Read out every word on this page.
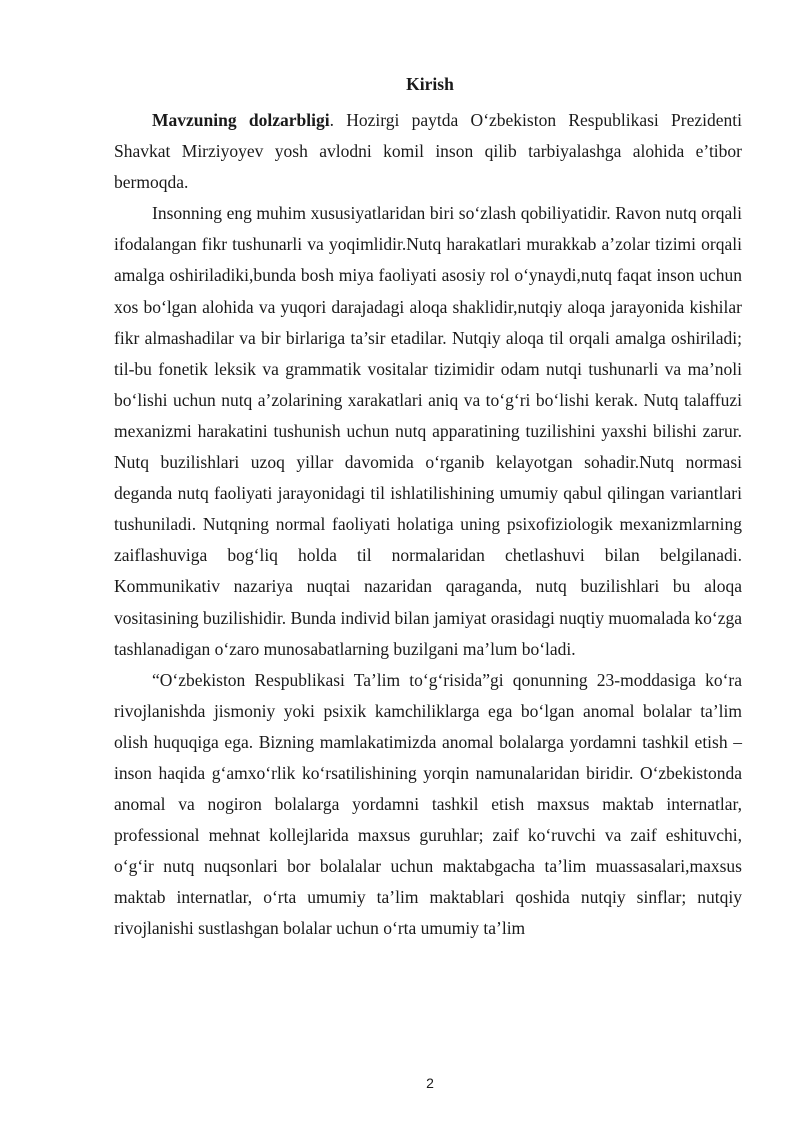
Kirish

Mavzuning dolzarbligi. Hozirgi paytda O‘zbekiston Respublikasi Prezidenti Shavkat Mirziyoyev yosh avlodni komil inson qilib tarbiyalashga alohida e’tibor bermoqda.

Insonning eng muhim xususiyatlaridan biri so‘zlash qobiliyatidir. Ravon nutq orqali ifodalangan fikr tushunarli va yoqimlidir.Nutq harakatlari murakkab a’zolar tizimi orqali amalga oshiriladiki,bunda bosh miya faoliyati asosiy rol o‘ynaydi,nutq faqat inson uchun xos bo‘lgan alohida va yuqori darajadagi aloqa shaklidir,nutqiy aloqa jarayonida kishilar fikr almashadilar va bir birlariga ta’sir etadilar. Nutqiy aloqa til orqali amalga oshiriladi; til-bu fonetik leksik va grammatik vositalar tizimidir odam nutqi tushunarli va ma’noli bo‘lishi uchun nutq a’zolarining xarakatlari aniq va to‘g‘ri bo‘lishi kerak. Nutq talaffuzi mexanizmi harakatini tushunish uchun nutq apparatining tuzilishini yaxshi bilishi zarur. Nutq buzilishlari uzoq yillar davomida o‘rganib kelayotgan sohadir.Nutq normasi deganda nutq faoliyati jarayonidagi til ishlatilishining umumiy qabul qilingan variantlari tushuniladi. Nutqning normal faoliyati holatiga uning psixofiziologik mexanizmlarning zaiflashuviga bog‘liq holda til normalaridan chetlashuvi bilan belgilanadi. Kommunikativ nazariya nuqtai nazaridan qaraganda, nutq buzilishlari bu aloqa vositasining buzilishidir. Bunda individ bilan jamiyat orasidagi nuqtiy muomalada ko‘zga tashlanadigan o‘zaro munosabatlarning buzilgani ma’lum bo‘ladi.

“O‘zbekiston Respublikasi Ta’lim to‘g‘risida”gi qonunning 23-moddasiga ko‘ra rivojlanishda jismoniy yoki psixik kamchiliklarga ega bo‘lgan anomal bolalar ta’lim olish huquqiga ega. Bizning mamlakatimizda anomal bolalarga yordamni tashkil etish – inson haqida g‘amxo‘rlik ko‘rsatilishining yorqin namunalaridan biridir. O‘zbekistonda anomal va nogiron bolalarga yordamni tashkil etish maxsus maktab internatlar, professional mehnat kollejlarida maxsus guruhlar; zaif ko‘ruvchi va zaif eshituvchi, o‘g‘ir nutq nuqsonlari bor bolalalar uchun maktabgacha ta’lim muassasalari,maxsus maktab internatlar, o‘rta umumiy ta’lim maktablari qoshida nutqiy sinflar; nutqiy rivojlanishi sustlashgan bolalar uchun o‘rta umumiy ta’lim

2
